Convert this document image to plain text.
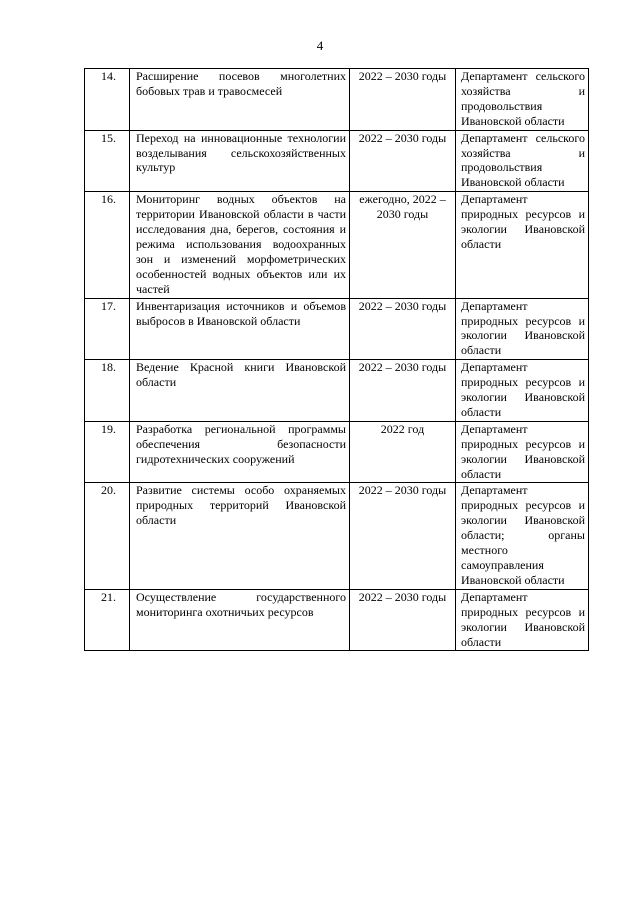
4
14.	Расширение посевов многолетних бобовых трав и травосмесей	2022 – 2030 годы	Департамент сельского хозяйства и продовольствия Ивановской области
15.	Переход на инновационные технологии возделывания сельскохозяйственных культур	2022 – 2030 годы	Департамент сельского хозяйства и продовольствия Ивановской области
16.	Мониторинг водных объектов на территории Ивановской области в части исследования дна, берегов, состояния и режима использования водоохранных зон и изменений морфометрических особенностей водных объектов или их частей	ежегодно, 2022 – 2030 годы	Департамент природных ресурсов и экологии Ивановской области
17.	Инвентаризация источников и объемов выбросов в Ивановской области	2022 – 2030 годы	Департамент природных ресурсов и экологии Ивановской области
18.	Ведение Красной книги Ивановской области	2022 – 2030 годы	Департамент природных ресурсов и экологии Ивановской области
19.	Разработка региональной программы обеспечения безопасности гидротехнических сооружений	2022 год	Департамент природных ресурсов и экологии Ивановской области
20.	Развитие системы особо охраняемых природных территорий Ивановской области	2022 – 2030 годы	Департамент природных ресурсов и экологии Ивановской области; органы местного самоуправления Ивановской области
21.	Осуществление государственного мониторинга охотничьих ресурсов	2022 – 2030 годы	Департамент природных ресурсов и экологии Ивановской области
